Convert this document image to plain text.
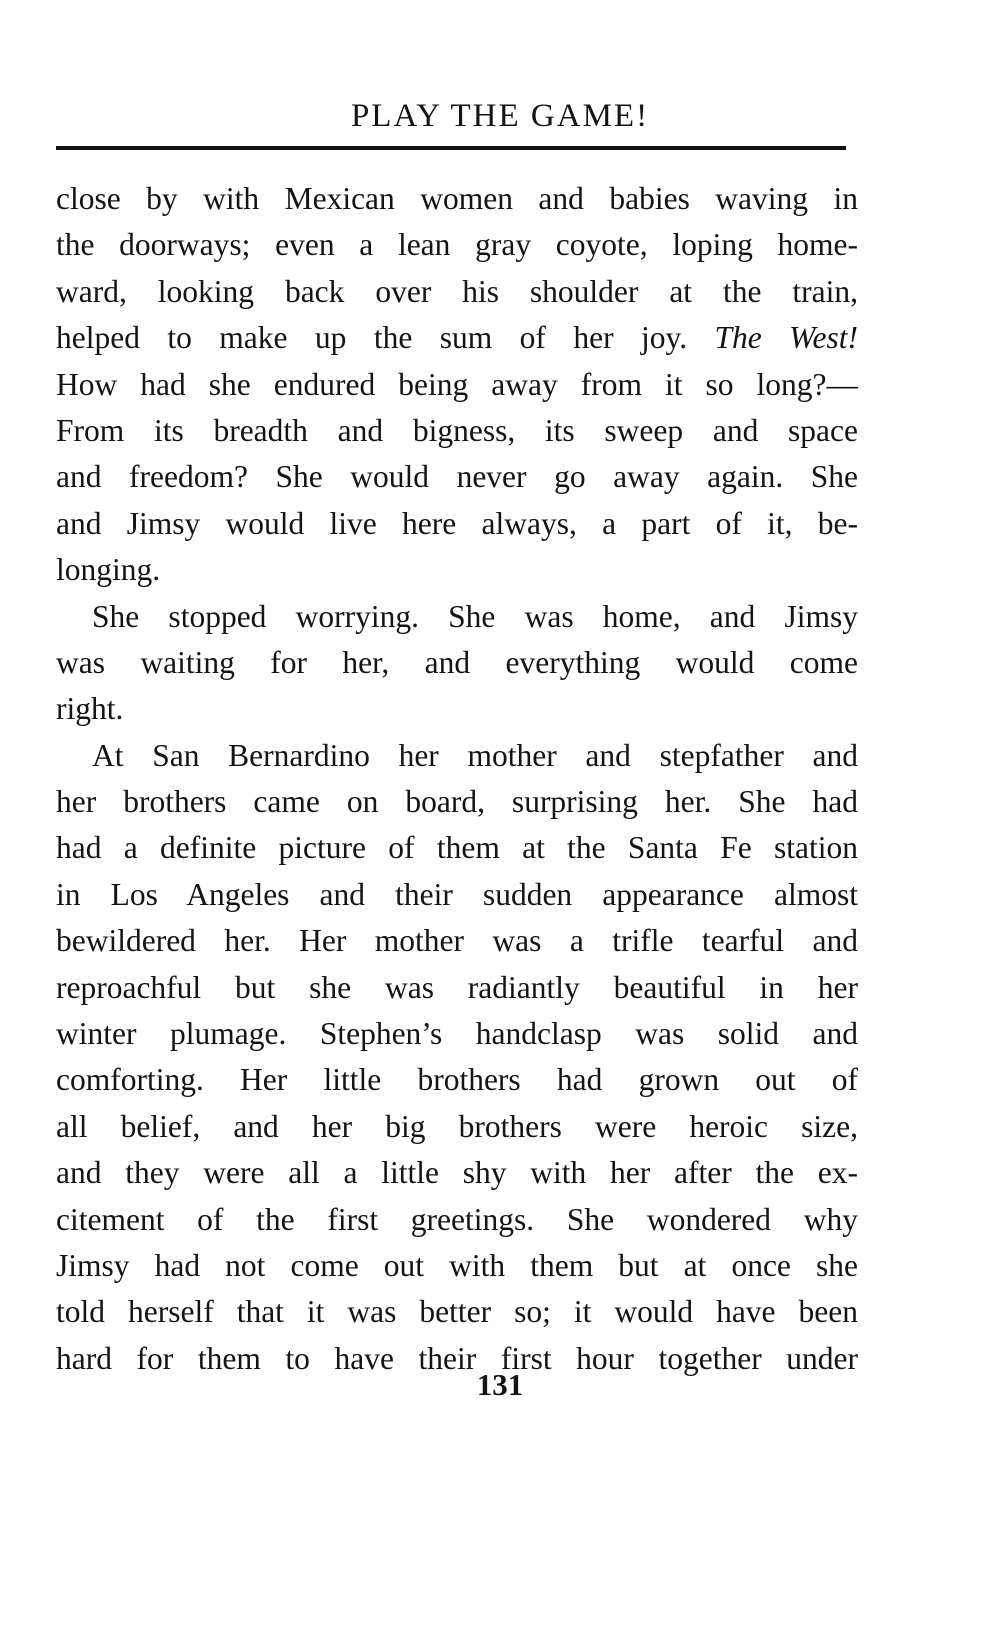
PLAY THE GAME!
close by with Mexican women and babies waving in
the doorways; even a lean gray coyote, loping home-
ward, looking back over his shoulder at the train,
helped to make up the sum of her joy. The West!
How had she endured being away from it so long?—
From its breadth and bigness, its sweep and space
and freedom? She would never go away again. She
and Jimsy would live here always, a part of it, be-
longing.
She stopped worrying. She was home, and Jimsy
was waiting for her, and everything would come
right.
At San Bernardino her mother and stepfather and
her brothers came on board, surprising her. She had
had a definite picture of them at the Santa Fe station
in Los Angeles and their sudden appearance almost
bewildered her. Her mother was a trifle tearful and
reproachful but she was radiantly beautiful in her
winter plumage. Stephen’s handclasp was solid and
comforting. Her little brothers had grown out of
all belief, and her big brothers were heroic size,
and they were all a little shy with her after the ex-
citement of the first greetings. She wondered why
Jimsy had not come out with them but at once she
told herself that it was better so; it would have been
hard for them to have their first hour together under
131
